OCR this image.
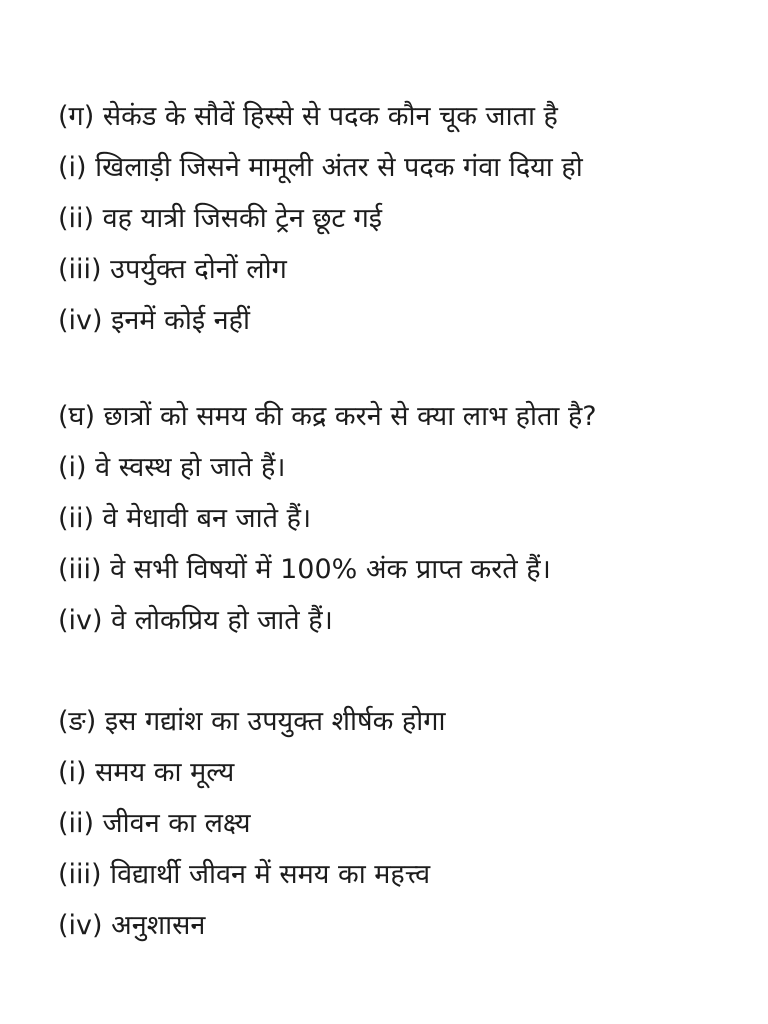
(ग) सेकंड के सौवें हिस्से से पदक कौन चूक जाता है
(i) खिलाड़ी जिसने मामूली अंतर से पदक गंवा दिया हो
(ii) वह यात्री जिसकी ट्रेन छूट गई
(iii) उपर्युक्त दोनों लोग
(iv) इनमें कोई नहीं
(घ) छात्रों को समय की कद्र करने से क्या लाभ होता है?
(i) वे स्वस्थ हो जाते हैं।
(ii) वे मेधावी बन जाते हैं।
(iii) वे सभी विषयों में 100% अंक प्राप्त करते हैं।
(iv) वे लोकप्रिय हो जाते हैं।
(ङ) इस गद्यांश का उपयुक्त शीर्षक होगा
(i) समय का मूल्य
(ii) जीवन का लक्ष्य
(iii) विद्यार्थी जीवन में समय का महत्त्व
(iv) अनुशासन
